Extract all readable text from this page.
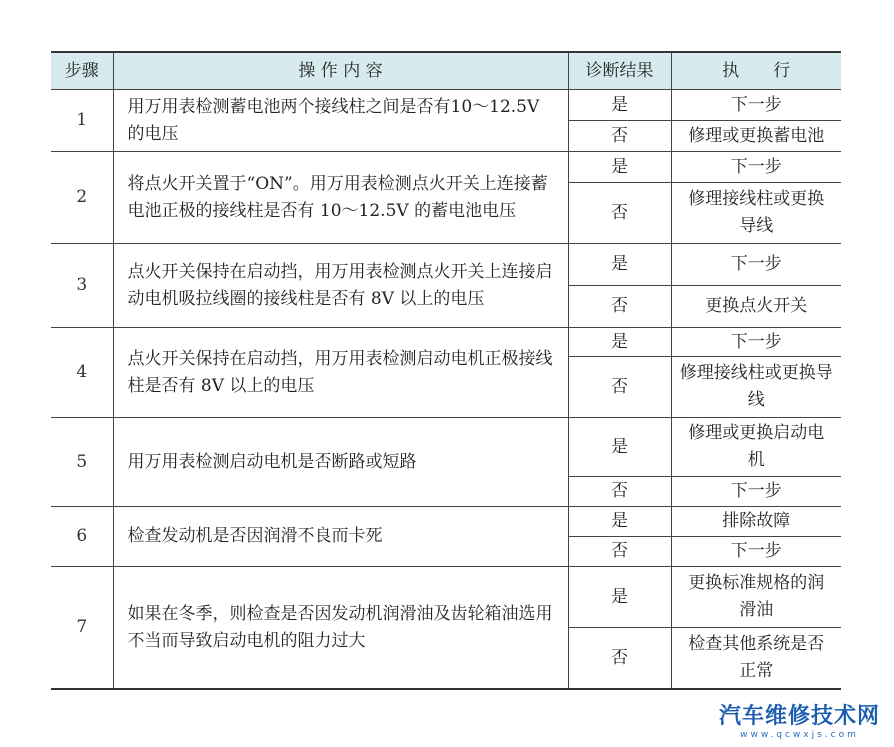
步骤	操 作 内 容	诊断结果	执　　行
1	用万用表检测蓄电池两个接线柱之间是否有10～12.5V 的电压	是	下一步
		否	修理或更换蓄电池
2	将点火开关置于“ON”。用万用表检测点火开关上连接蓄电池正极的接线柱是否有 10～12.5V 的蓄电池电压	是	下一步
		否	修理接线柱或更换导线
3	点火开关保持在启动挡，用万用表检测点火开关上连接启动电机吸拉线圈的接线柱是否有 8V 以上的电压	是	下一步
		否	更换点火开关
4	点火开关保持在启动挡，用万用表检测启动电机正极接线柱是否有 8V 以上的电压	是	下一步
		否	修理接线柱或更换导线
5	用万用表检测启动电机是否断路或短路	是	修理或更换启动电机
		否	下一步
6	检查发动机是否因润滑不良而卡死	是	排除故障
		否	下一步
7	如果在冬季，则检查是否因发动机润滑油及齿轮箱油选用不当而导致启动电机的阻力过大	是	更换标准规格的润滑油
		否	检查其他系统是否正常
汽车维修技术网
www.qcwxjs.com
